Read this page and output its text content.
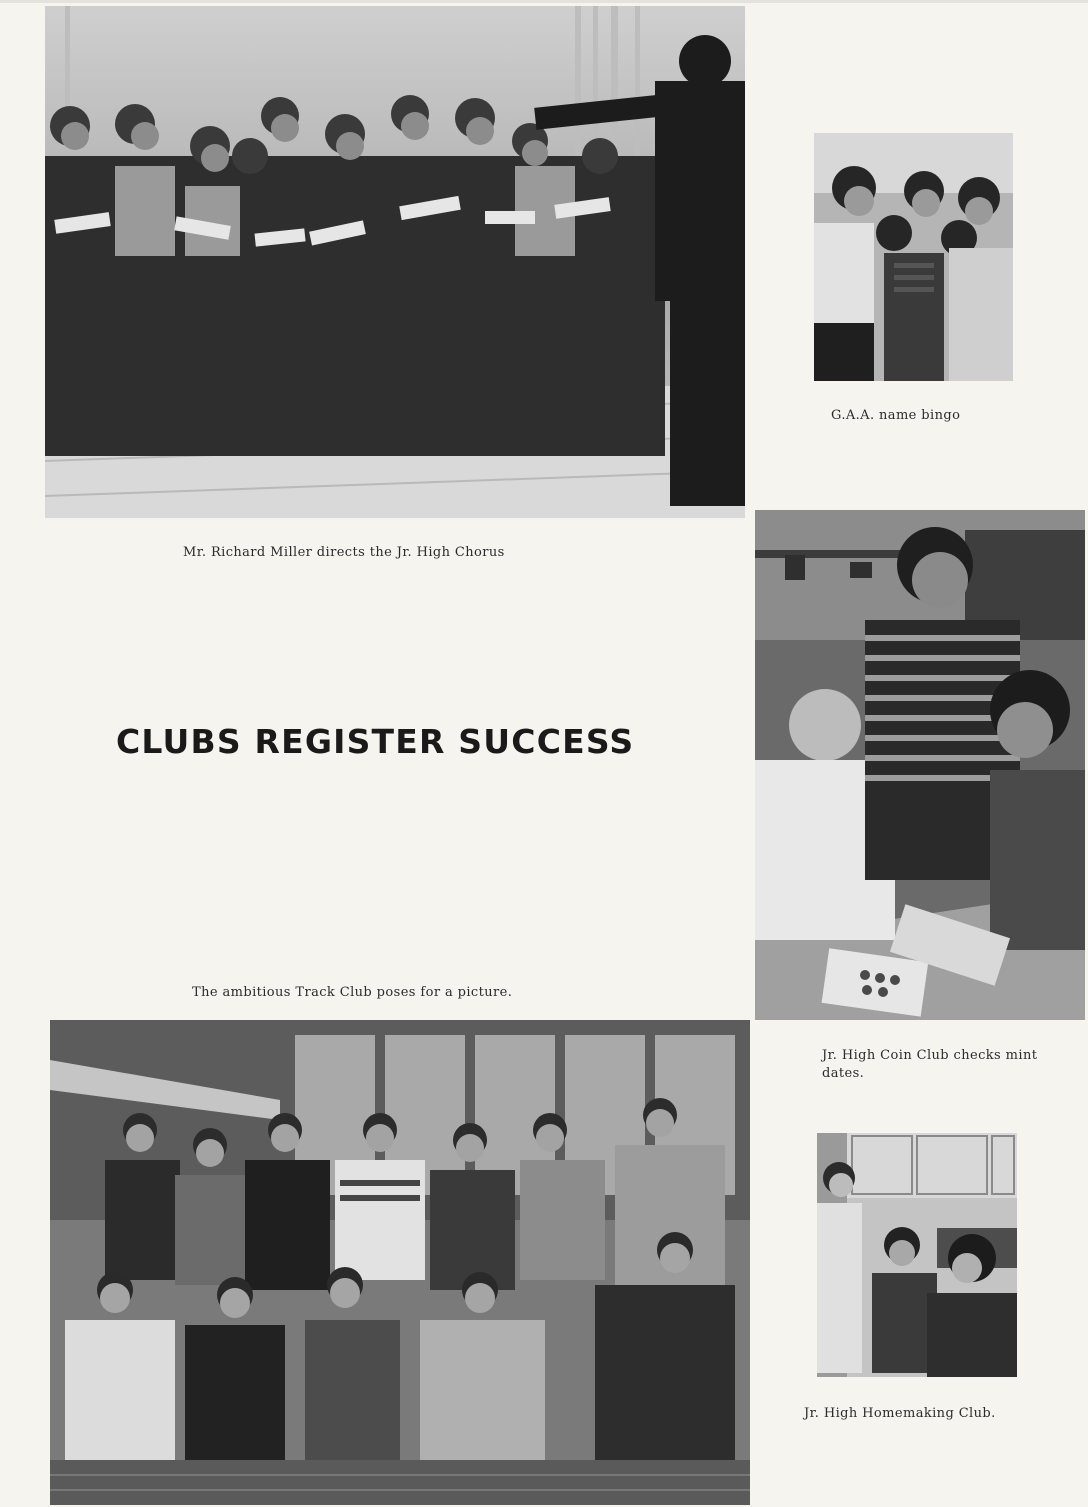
Mr. Richard Miller directs the Jr. High Chorus
G.A.A. name bingo
CLUBS REGISTER SUCCESS
The ambitious Track Club poses for a picture.
Jr. High Coin Club checks mint dates.
Jr. High Homemaking Club.
